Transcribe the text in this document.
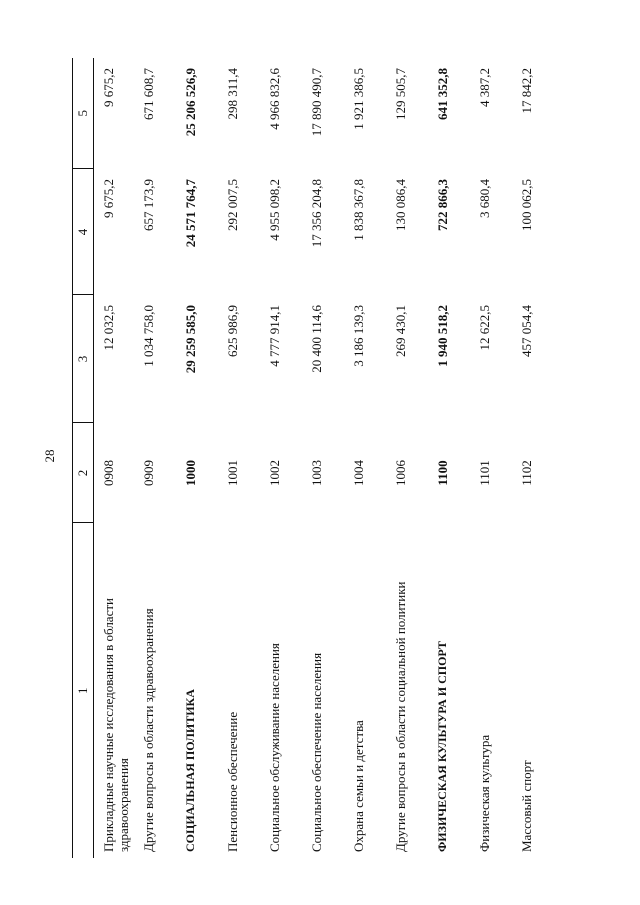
28
1	2	3	4	5
Прикладные научные исследования в области здравоохранения	0908	12 032,5	9 675,2	9 675,2
Другие вопросы в области здравоохранения	0909	1 034 758,0	657 173,9	671 608,7
СОЦИАЛЬНАЯ ПОЛИТИКА	1000	29 259 585,0	24 571 764,7	25 206 526,9
Пенсионное обеспечение	1001	625 986,9	292 007,5	298 311,4
Социальное обслуживание населения	1002	4 777 914,1	4 955 098,2	4 966 832,6
Социальное обеспечение населения	1003	20 400 114,6	17 356 204,8	17 890 490,7
Охрана семьи и детства	1004	3 186 139,3	1 838 367,8	1 921 386,5
Другие вопросы в области социальной политики	1006	269 430,1	130 086,4	129 505,7
ФИЗИЧЕСКАЯ КУЛЬТУРА И СПОРТ	1100	1 940 518,2	722 866,3	641 352,8
Физическая культура	1101	12 622,5	3 680,4	4 387,2
Массовый спорт	1102	457 054,4	100 062,5	17 842,2
